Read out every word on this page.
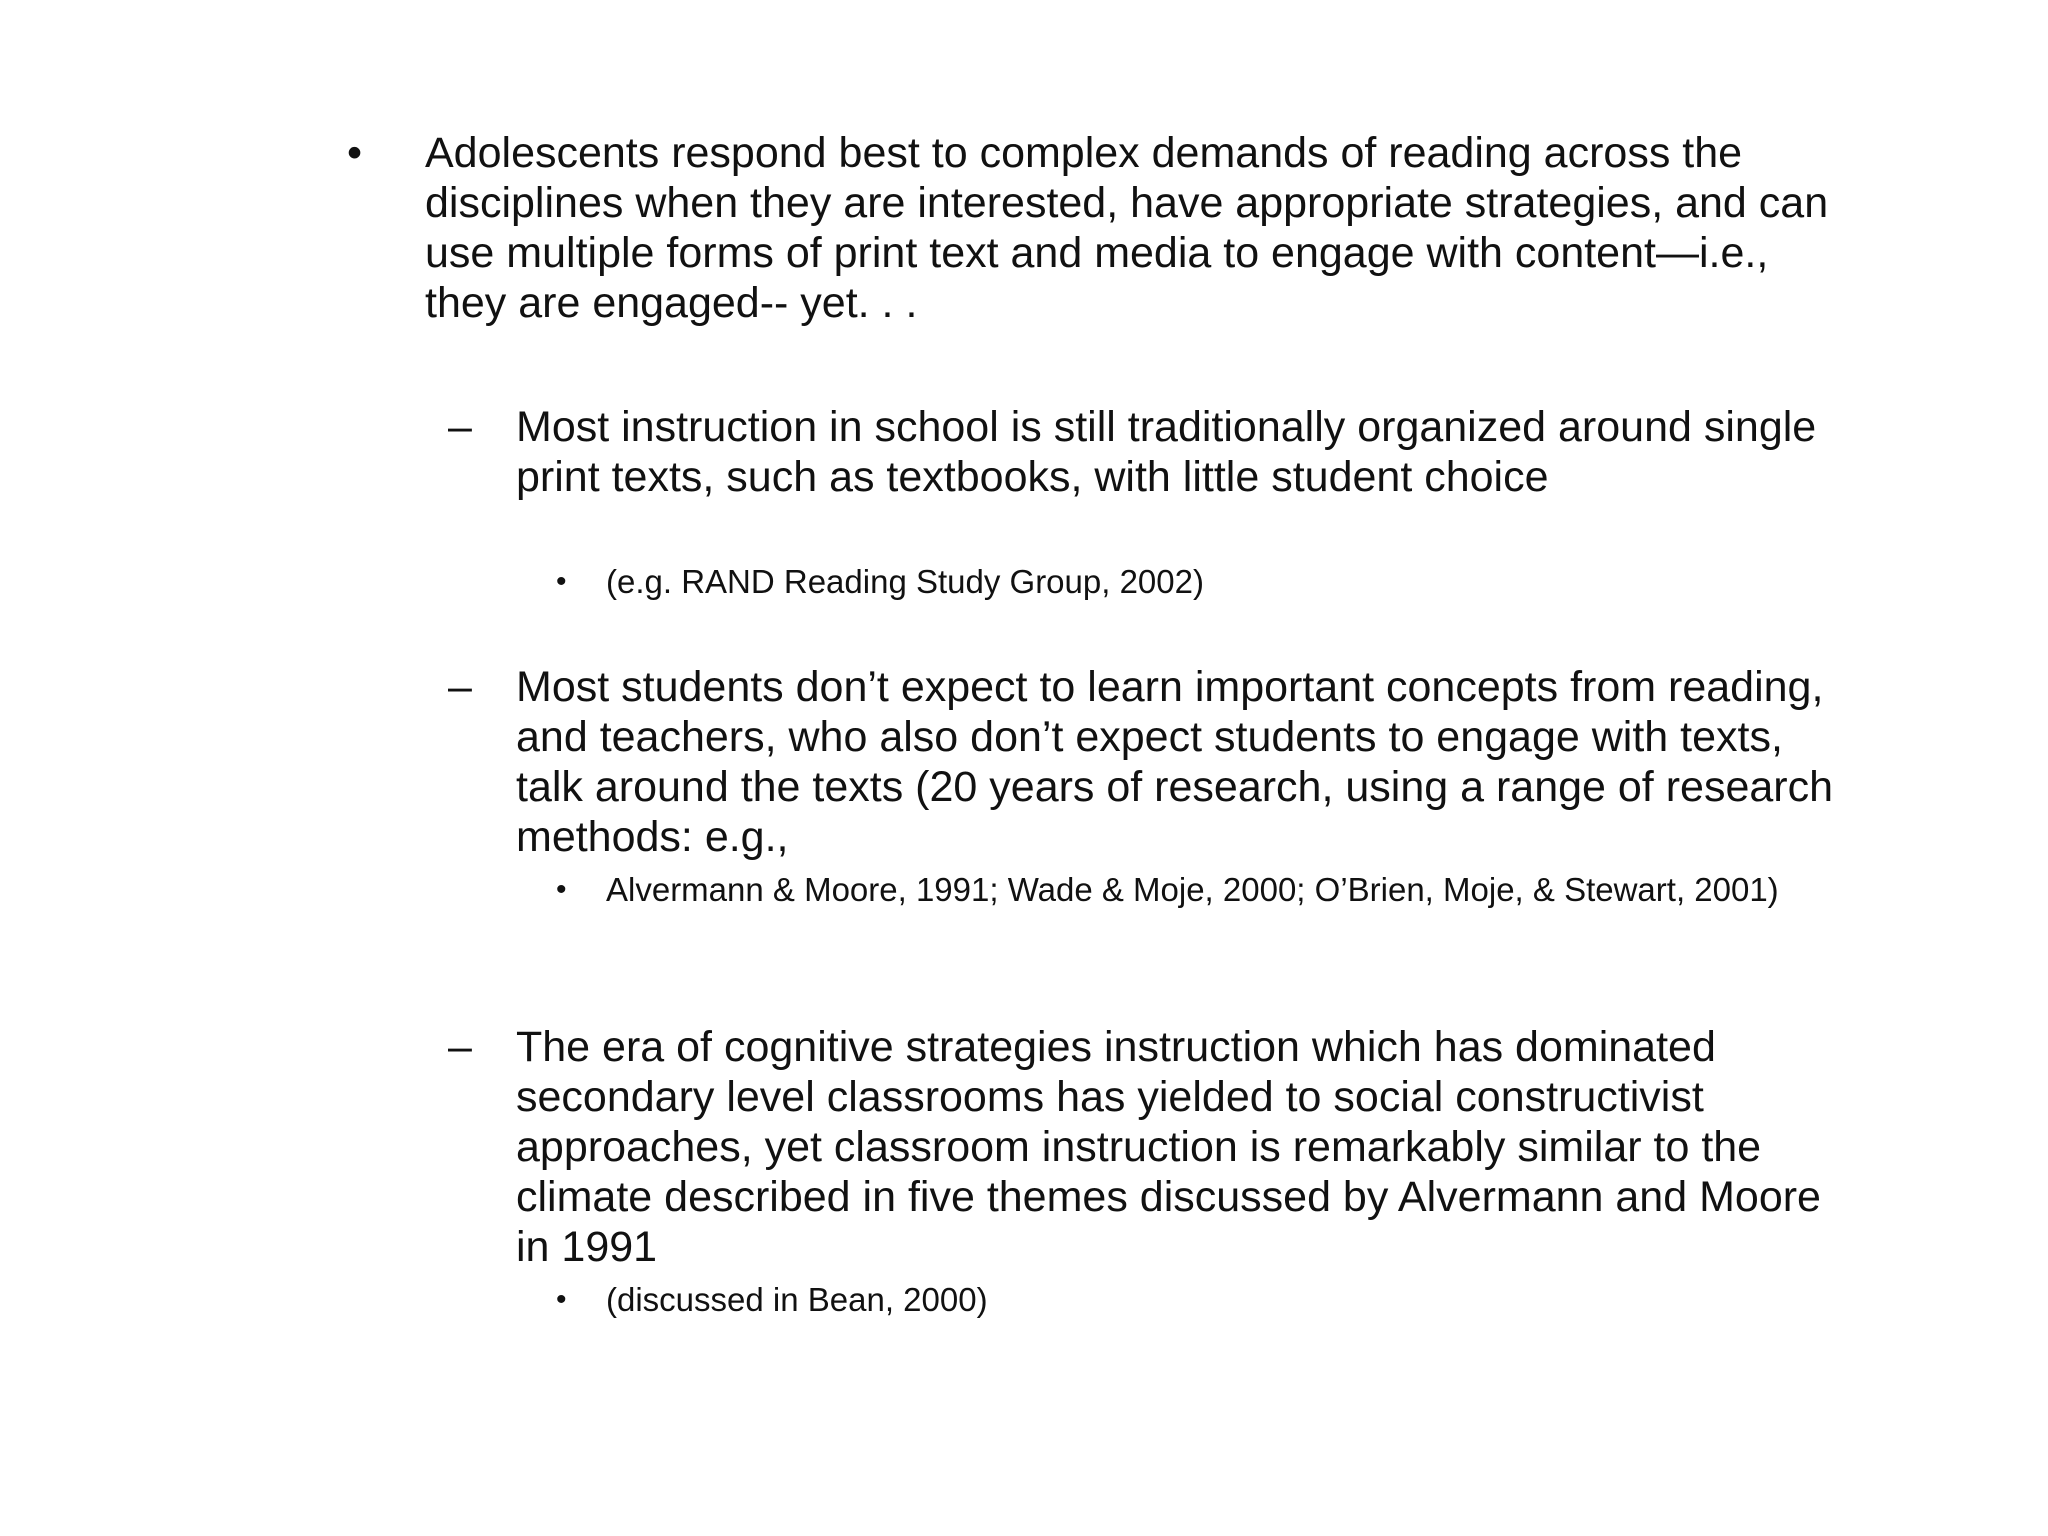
• Adolescents respond best to complex demands of reading across the disciplines when they are interested, have appropriate strategies, and can use multiple forms of print text and media to engage with content—i.e., they are engaged-- yet. . .
– Most instruction in school is still traditionally organized around single print texts, such as textbooks, with little student choice
• (e.g. RAND Reading Study Group, 2002)
– Most students don’t expect to learn important concepts from reading, and teachers, who also don’t expect students to engage with texts, talk around the texts (20 years of research, using a range of research methods: e.g.,
• Alvermann & Moore, 1991; Wade & Moje, 2000; O’Brien, Moje, & Stewart, 2001)
– The era of cognitive strategies instruction which has dominated secondary level classrooms has yielded to social constructivist approaches, yet classroom instruction is remarkably similar to the climate described in five themes discussed by Alvermann and Moore in 1991
• (discussed in Bean, 2000)
